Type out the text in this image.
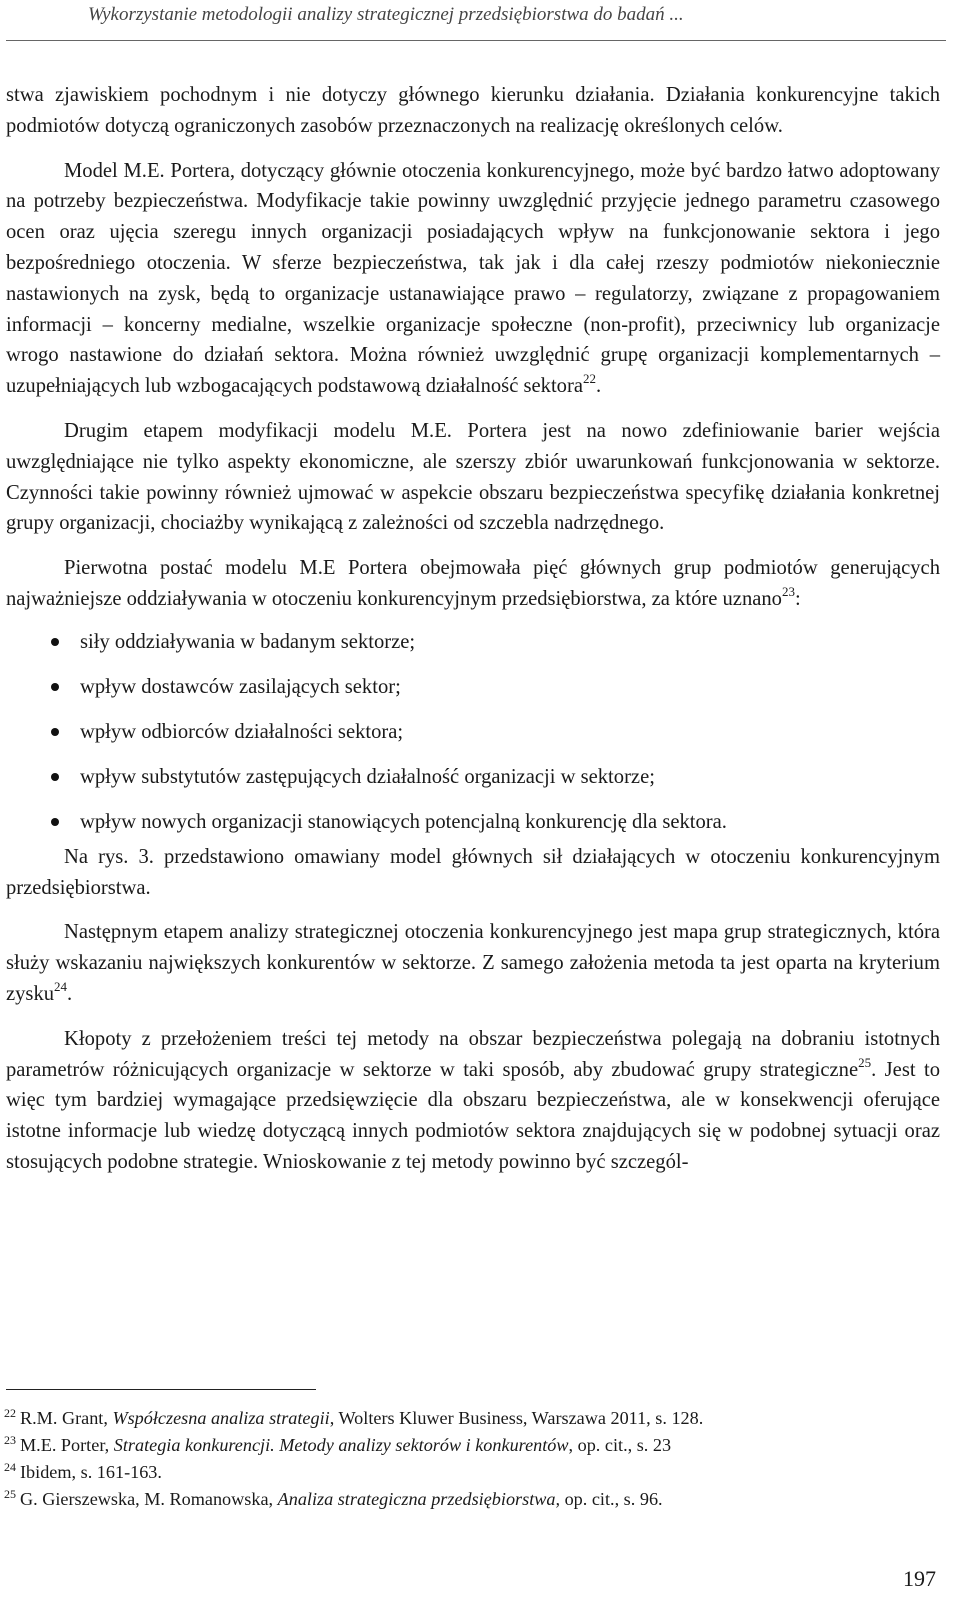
Wykorzystanie metodologii analizy strategicznej przedsiębiorstwa do badań ...

stwa zjawiskiem pochodnym i nie dotyczy głównego kierunku działania. Działania konkurencyjne takich podmiotów dotyczą ograniczonych zasobów przeznaczonych na realizację określonych celów.

Model M.E. Portera, dotyczący głównie otoczenia konkurencyjnego, może być bardzo łatwo adoptowany na potrzeby bezpieczeństwa. Modyfikacje takie powinny uwzględnić przyjęcie jednego parametru czasowego ocen oraz ujęcia szeregu innych organizacji posiadających wpływ na funkcjonowanie sektora i jego bezpośredniego otoczenia. W sferze bezpieczeństwa, tak jak i dla całej rzeszy podmiotów niekoniecznie nastawionych na zysk, będą to organizacje ustanawiające prawo – regulatorzy, związane z propagowaniem informacji – koncerny medialne, wszelkie organizacje społeczne (non-profit), przeciwnicy lub organizacje wrogo nastawione do działań sektora. Można również uwzględnić grupę organizacji komplementarnych – uzupełniających lub wzbogacających podstawową działalność sektora$^{22}$.

Drugim etapem modyfikacji modelu M.E. Portera jest na nowo zdefiniowanie barier wejścia uwzględniające nie tylko aspekty ekonomiczne, ale szerszy zbiór uwarunkowań funkcjonowania w sektorze. Czynności takie powinny również ujmować w aspekcie obszaru bezpieczeństwa specyfikę działania konkretnej grupy organizacji, chociażby wynikającą z zależności od szczebla nadrzędnego.

Pierwotna postać modelu M.E Portera obejmowała pięć głównych grup podmiotów generujących najważniejsze oddziaływania w otoczeniu konkurencyjnym przedsiębiorstwa, za które uznano$^{23}$:

siły oddziaływania w badanym sektorze;
wpływ dostawców zasilających sektor;
wpływ odbiorców działalności sektora;
wpływ substytutów zastępujących działalność organizacji w sektorze;
wpływ nowych organizacji stanowiących potencjalną konkurencję dla sektora.

Na rys. 3. przedstawiono omawiany model głównych sił działających w otoczeniu konkurencyjnym przedsiębiorstwa.

Następnym etapem analizy strategicznej otoczenia konkurencyjnego jest mapa grup strategicznych, która służy wskazaniu największych konkurentów w sektorze. Z samego założenia metoda ta jest oparta na kryterium zysku$^{24}$.

Kłopoty z przełożeniem treści tej metody na obszar bezpieczeństwa polegają na dobraniu istotnych parametrów różnicujących organizacje w sektorze w taki sposób, aby zbudować grupy strategiczne$^{25}$. Jest to więc tym bardziej wymagające przedsięwzięcie dla obszaru bezpieczeństwa, ale w konsekwencji oferujące istotne informacje lub wiedzę dotyczącą innych podmiotów sektora znajdujących się w podobnej sytuacji oraz stosujących podobne strategie. Wnioskowanie z tej metody powinno być szczegól-

$^{22}$ R.M. Grant, Współczesna analiza strategii, Wolters Kluwer Business, Warszawa 2011, s. 128.
$^{23}$ M.E. Porter, Strategia konkurencji. Metody analizy sektorów i konkurentów, op. cit., s. 23
$^{24}$ Ibidem, s. 161-163.
$^{25}$ G. Gierszewska, M. Romanowska, Analiza strategiczna przedsiębiorstwa, op. cit., s. 96.
197
